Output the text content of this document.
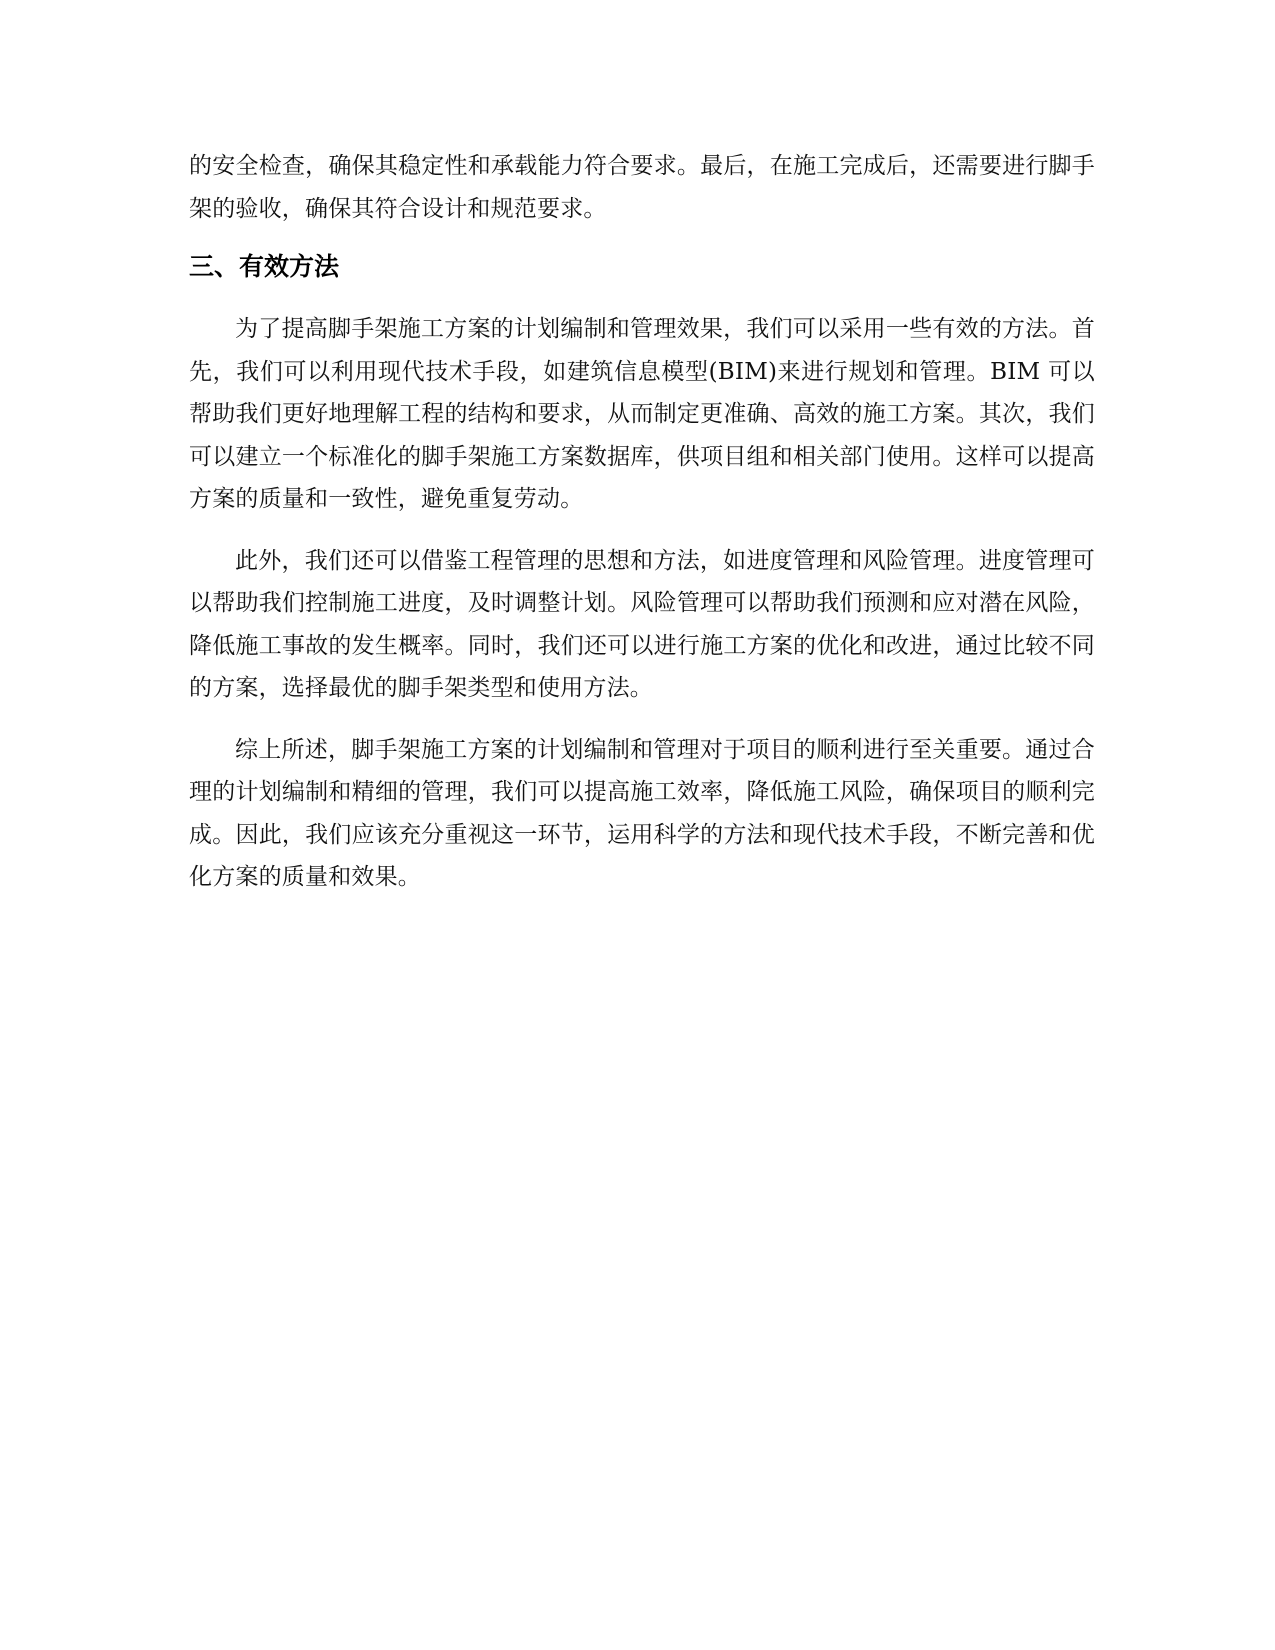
的安全检查，确保其稳定性和承载能力符合要求。最后，在施工完成后，还需要进行脚手架的验收，确保其符合设计和规范要求。

三、有效方法

为了提高脚手架施工方案的计划编制和管理效果，我们可以采用一些有效的方法。首先，我们可以利用现代技术手段，如建筑信息模型(BIM)来进行规划和管理。BIM 可以帮助我们更好地理解工程的结构和要求，从而制定更准确、高效的施工方案。其次，我们可以建立一个标准化的脚手架施工方案数据库，供项目组和相关部门使用。这样可以提高方案的质量和一致性，避免重复劳动。

此外，我们还可以借鉴工程管理的思想和方法，如进度管理和风险管理。进度管理可以帮助我们控制施工进度，及时调整计划。风险管理可以帮助我们预测和应对潜在风险，降低施工事故的发生概率。同时，我们还可以进行施工方案的优化和改进，通过比较不同的方案，选择最优的脚手架类型和使用方法。

综上所述，脚手架施工方案的计划编制和管理对于项目的顺利进行至关重要。通过合理的计划编制和精细的管理，我们可以提高施工效率，降低施工风险，确保项目的顺利完成。因此，我们应该充分重视这一环节，运用科学的方法和现代技术手段，不断完善和优化方案的质量和效果。
